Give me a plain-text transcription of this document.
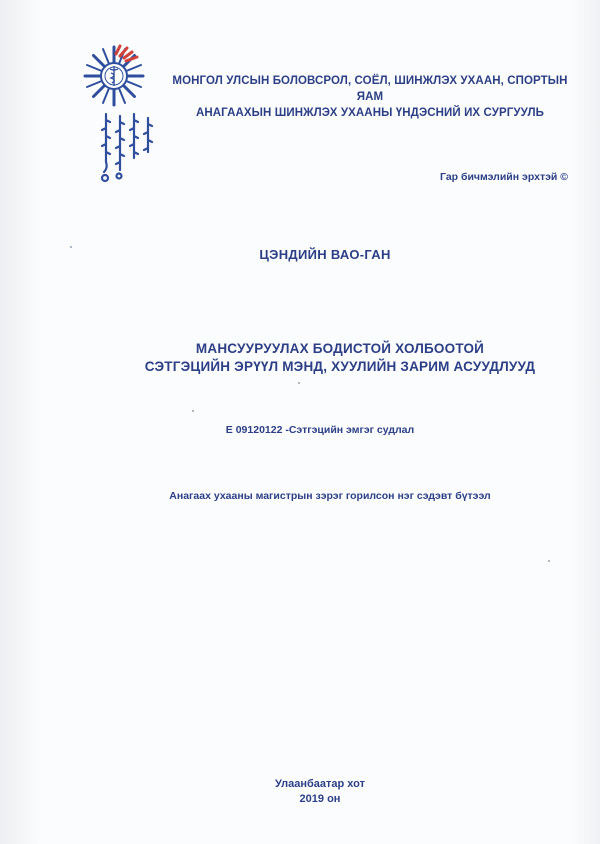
МОНГОЛ УЛСЫН БОЛОВСРОЛ, СОЁЛ, ШИНЖЛЭХ УХААН, СПОРТЫН ЯАМ
АНАГААХЫН ШИНЖЛЭХ УХААНЫ ҮНДЭСНИЙ ИХ СУРГУУЛЬ
Гар бичмэлийн эрхтэй ©
ЦЭНДИЙН ВАО-ГАН
МАНСУУРУУЛАХ БОДИСТОЙ ХОЛБООТОЙ
СЭТГЭЦИЙН ЭРҮҮЛ МЭНД, ХУУЛИЙН ЗАРИМ АСУУДЛУУД
Е 09120122 -Сэтгэцийн эмгэг судлал
Анагаах ухааны магистрын зэрэг горилсон нэг сэдэвт бүтээл
Улаанбаатар хот
2019 он
